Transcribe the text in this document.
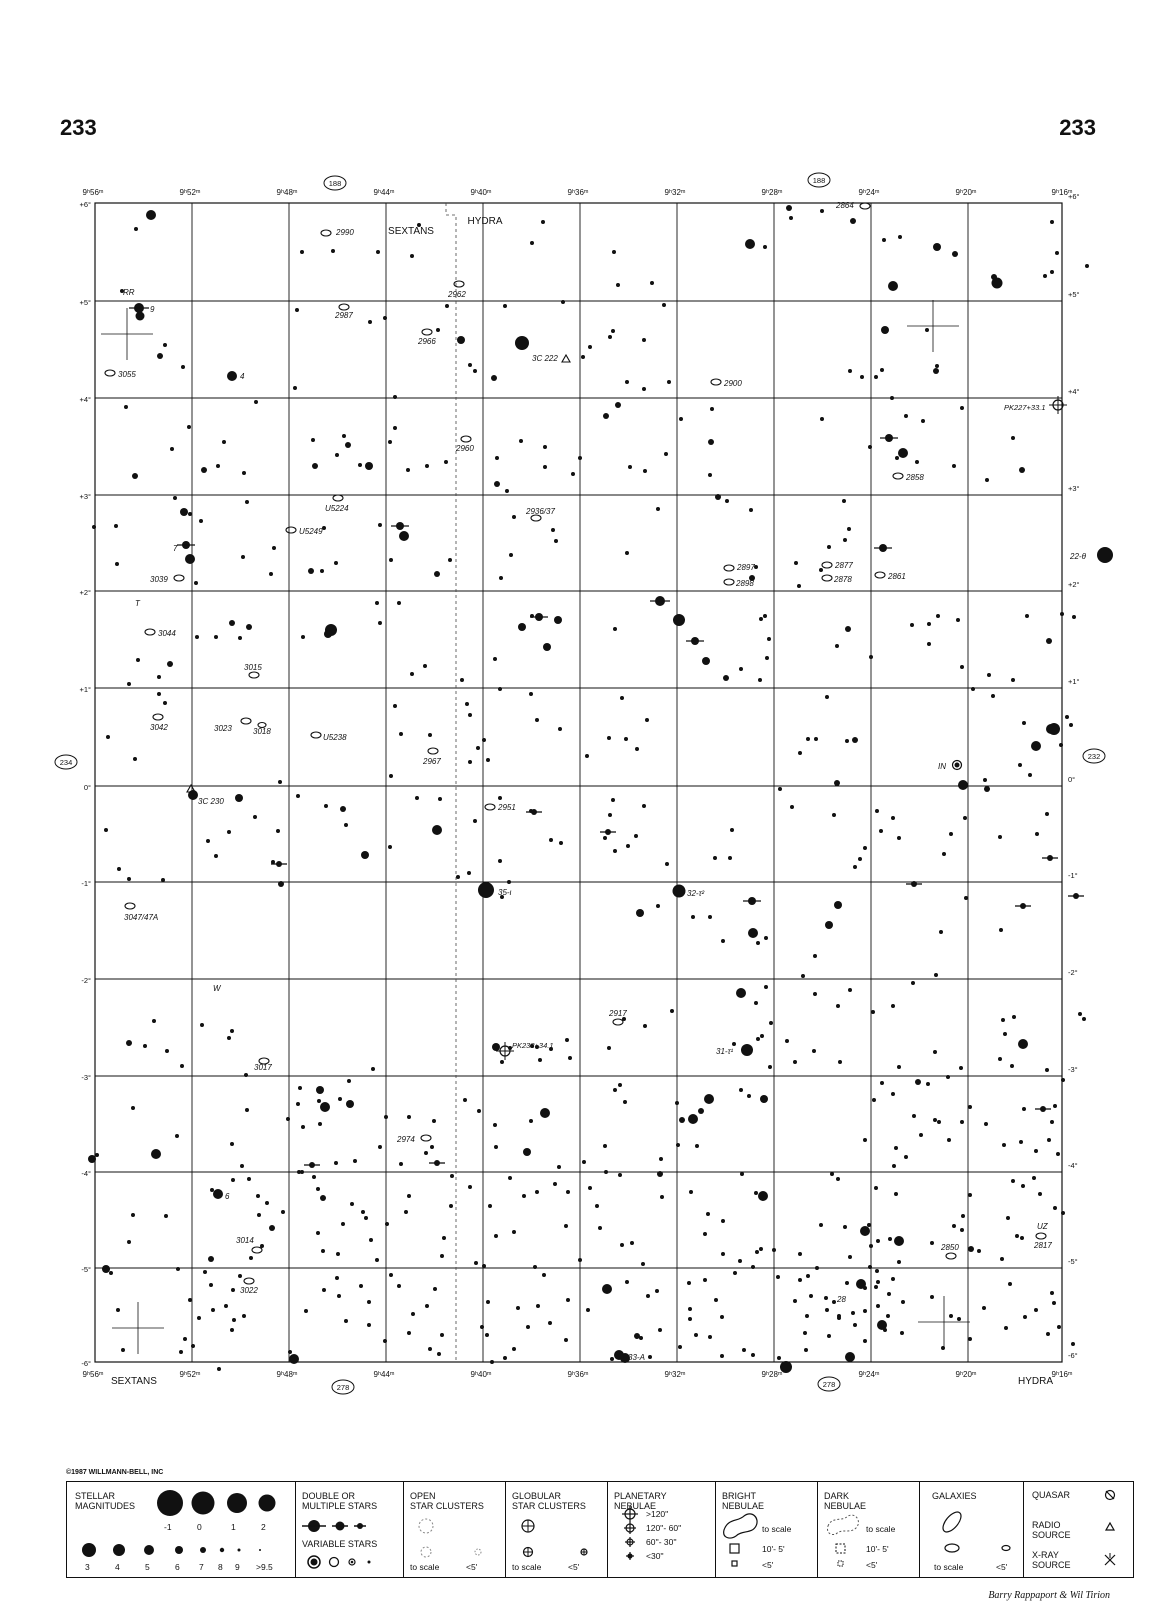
233	233
2990
2864
2962
2987
2966
3055
2900
2960
2858
U5224	2936/37
U5249
3039	2898	2878	2861
3044
3015
3042	3023
U5238
2967
2951
3047/47A
2917
3017
2974
3014
3022
2850	2817
2897	2877
3018
3C 222
3C 230
PK227+33.1
PK238+34.1
IN
RR
9
4
7
T
35-ι	32-τ²
31-τ¹
W
6
28
33-A
22-θ
UZ
9ʰ56ᵐ	9ʰ52ᵐ	9ʰ48ᵐ	9ʰ44ᵐ	9ʰ40ᵐ	9ʰ36ᵐ	9ʰ32ᵐ	9ʰ28ᵐ	9ʰ24ᵐ	9ʰ20ᵐ	9ʰ16ᵐ
9ʰ56ᵐ	9ʰ52ᵐ	9ʰ48ᵐ	9ʰ44ᵐ	9ʰ40ᵐ	9ʰ36ᵐ	9ʰ32ᵐ	9ʰ28ᵐ	9ʰ24ᵐ	9ʰ20ᵐ	9ʰ16ᵐ
+6°
+5°
+4°
+3°
+2°
+1°
0°
-1°
-2°
-3°
-4°
-5°
-6°
+6°
+5°
+4°
+3°
+2°
+1°
0°
-1°
-2°
-3°
-4°
-5°
-6°
188	188
278	278
234
232
SEXTANS
HYDRA
SEXTANS	HYDRA
©1987 WILLMANN-BELL, INC
STELLAR
MAGNITUDES
-1	0	1	2
3	4	5	6 7 8 9 >9.5
DOUBLE OR
MULTIPLE STARS
VARIABLE STARS
OPEN
STAR CLUSTERS
to scale	<5'
GLOBULAR
STAR CLUSTERS
to scale	<5'
PLANETARY
NEBULAE
>120''
120''- 60''
60''- 30''
<30''
BRIGHT
NEBULAE
to scale
10'- 5'
<5'
DARK
NEBULAE
to scale
10'- 5'
<5'
GALAXIES
to scale	<5'
QUASAR
RADIO
SOURCE
X-RAY
SOURCE
Barry Rappaport & Wil Tirion
